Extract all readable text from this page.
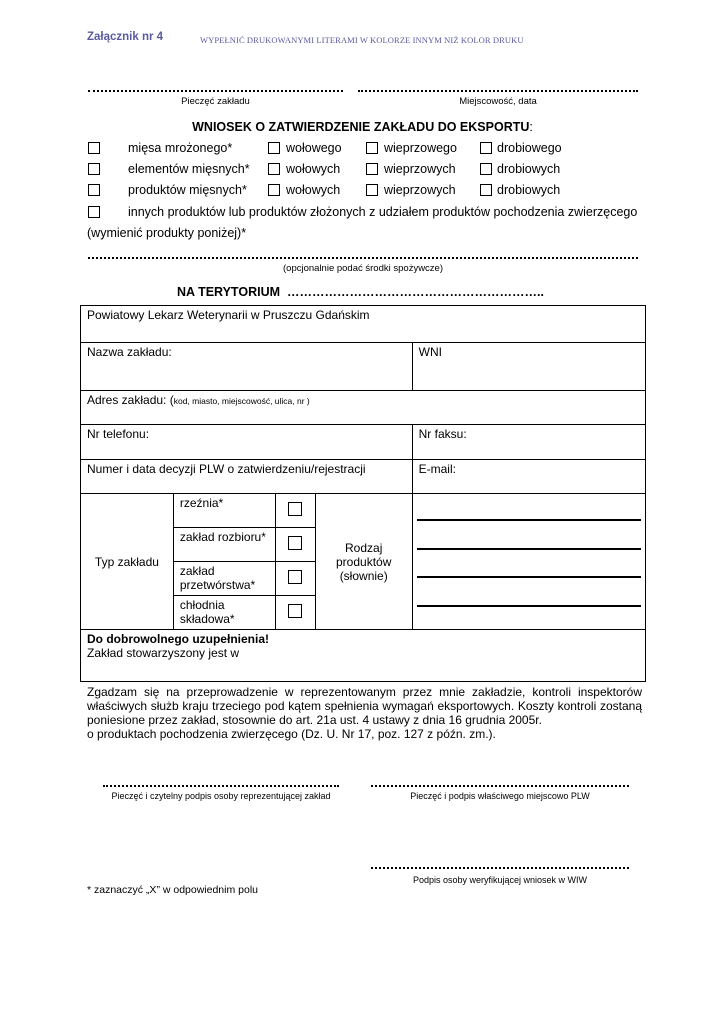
Załącznik nr 4	WYPEŁNIĆ DRUKOWANYMI LITERAMI W KOLORZE INNYM NIŻ KOLOR DRUKU
Pieczęć zakładu	Miejscowość, data
WNIOSEK O ZATWIERDZENIE ZAKŁADU DO EKSPORTU:
mięsa mrożonego*	wołowego	wieprzowego	drobiowego
elementów mięsnych*	wołowych	wieprzowych	drobiowych
produktów mięsnych*	wołowych	wieprzowych	drobiowych
innych produktów lub produktów złożonych z udziałem produktów pochodzenia zwierzęcego
(wymienić produkty poniżej)*
(opcjonalnie podać środki spożywcze)
NA TERYTORIUM ……………………………………………………..
Powiatowy Lekarz Weterynarii w Pruszczu Gdańskim				
Nazwa zakładu:				WNI
Adres zakładu: (kod, miasto, miejscowość, ulica, nr )				
Nr telefonu:				Nr faksu:
Numer i data decyzji PLW o zatwierdzeniu/rejestracji				E-mail:
Typ zakładu	rzeźnia*		Rodzaj produktów (słownie)	

	zakład rozbioru*			
	zakład przetwórstwa*			
	chłodnia składowa*			

Do dobrowolnego uzupełnienia!
Zakład stowarzyszony jest w				
Zgadzam się na przeprowadzenie w reprezentowanym przez mnie zakładzie, kontroli inspektorów właściwych służb kraju trzeciego pod kątem spełnienia wymagań eksportowych. Koszty kontroli zostaną poniesione przez zakład, stosownie do art. 21a ust. 4 ustawy z dnia 16 grudnia 2005r.
o produktach pochodzenia zwierzęcego (Dz. U. Nr 17, poz. 127 z późn. zm.).
Pieczęć i czytelny podpis osoby reprezentującej zakład	Pieczęć i podpis właściwego miejscowo PLW
Podpis osoby weryfikującej wniosek w WIW
* zaznaczyć „X” w odpowiednim polu
